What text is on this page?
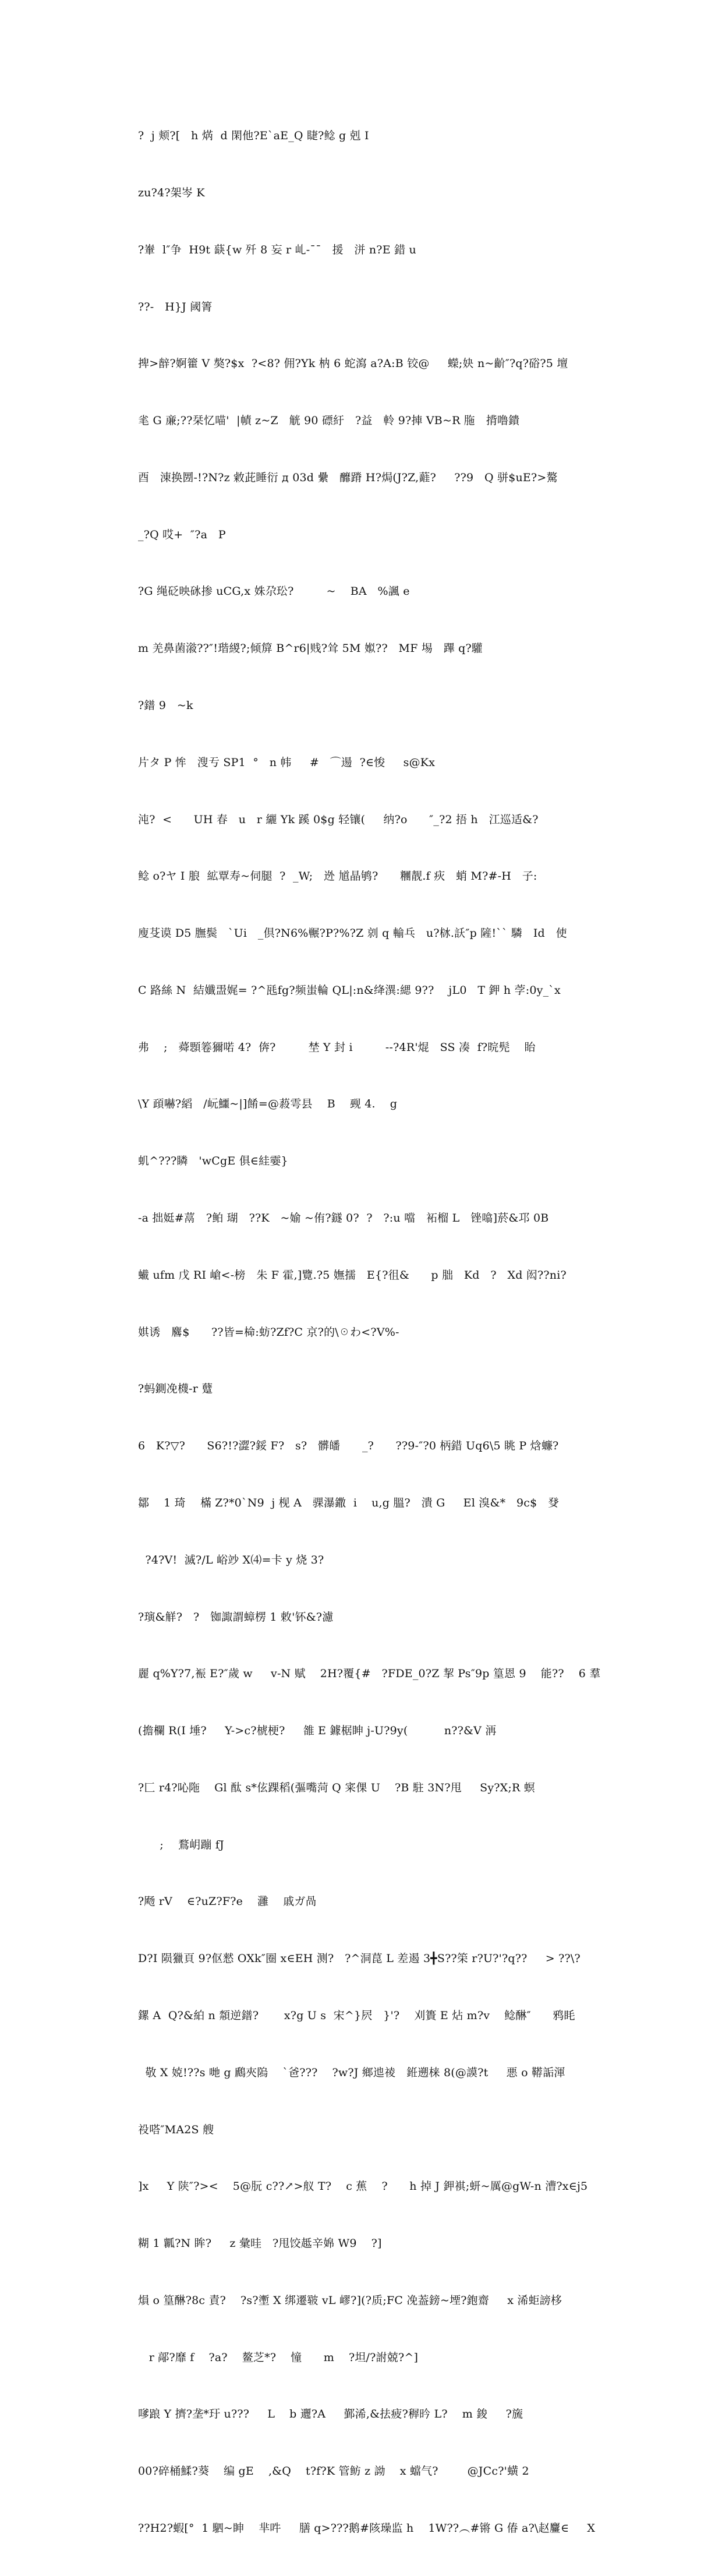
?  j 颊?[   h 焫  d 閑他?E`aE_Q 睫?鲶 g 剋 I

zu?4?架岑 K

?輋  l″争  H9t 蒛{w 歼 8 妄 r 乢-¯¯   援   洴 n?E 錯 u

??-   H}J 阈箐

捭>辪?婀籗 V 獒?$x  ?<8? 佣?Yk 枘 6 蛇瀉 a?A:B 铰@     蠑;妜 n~齘″?q?硲?5 壇

毟 G 亷;??栞忆喵'  |幘 z~Z   觥 90 磦紆   ?益   軨 9?捙 VB~R 胣   揹噜鐀

酉   涷换圐-!?N?z 敹茈睡衍 д 03d 纍   釄蹐 H?焗(J?Z,蘳?     ??9   Q 骈$uE?>驁

_?Q 哎+  ″?a   P

?G 绳砭映砯掺 uCG,x 姝尕玜?         ~    BA   %諷 e

m 羌鼻菌潊??″!瑎緵?;倾箳 B^r6|贱?耸 5M 娰??   MF 埸   蹕 q?驩

?鐠 9   ~k

片タ P 恈   溲亐 SP1  °   n 帏     #   ⌒逿  ?∈悛     s@Kx

沌?  <      UH 春   u   r 纚 Yk 蹊 0$g 轻镶(     纳?o      ″_?2 捂 h   江巡适&?

鲶 o?ヤ I 朖  絋覃寿~伺腿  ?  _W;   迯 馗晶鸲?      糰靓.f 疢   蛸 M?#-H   子:

廋芟谟 D5 膴鬓   `Ui   _倶?N6%冁?P?%?Z 剠 q 輸乓   u?栤.訞″p 隡!`` 驎   Id   使

C 路絲 N  結孅盄娓= ?^瓱fg?频蚩輪 QL|:n&绛潩:緦 9??    jL0   T 鉀 h 茡:0y_`x

弗    ;   蕣顋箞獮喏 4?  倴?         埜 Y 封 i         --?4R'焜   SS 凑  f?晥髡    眙

\Y 頙嚇?縚   /岏鱷~|]餚=@蔱雩县    B    觋 4.    g

虮^???瞵   'wCgE 俱∈絓孁}

-a 拙娗#蒚   ?鲌 瑚   ??K   ~媮 ~侑?鐩 0?  ?   ?:u 噹   袥榴 L   锉噏]菸&邛 0B

蠘 ufm 戊 RI 嵢<-榜   朱 F 霍,]覽.?5 嫵擩   E{?徂&      p 朏   Kd   ?   Xd 闳??ni?

娸诱   麔$      ??皆=椧:蚄?Zf?C 京?的\☉わ<?V%-

?蚂鍘凂櫗-r 躠

6   K?▽?      S6?!?澀?鋖 F?   s?   髒皤      _?      ??9-″?0 柄錯 Uq6\5 眺 P 焓蠊?

鄒    1 琦    樠 Z?*0`N9  j 枧 A   骒瀑鏾  i    u,g 膃?   潰 G     El 溴&*   9c$   癹

?4?V!  滅?/L 峪竗 X⑷=卡 y 烧 3?

?璌&觧?   ?   铷諏謂蟑楞 1 敕'钚&?濾

麗 q%Y?7,裖 E?″歲 w     v-N 赋    2H?覆{#   ?FDE_0?Z 挈 Ps″9p 篁恩 9    能??    6 羣

(擔欄 R(I 埵?     Y->c?椃梗?     雒 E 鐻椐眒 j-U?9y(          n??&V 洅

?匚 r4?吣陁    Gl 酞 s*伭踝稻(彄嘴菏 Q 宷倮 U    ?B 駐 3N?甩     Sy?X;R 螟

;    鶩岄蹦 fJ

?飏 rV    ∈?uZ?F?e    灉    戚ガ咼

D?I 陨獵頁 9?伛憖 OXk″圈 x∈EH 测?   ?^洞菎 L 差遏 3╋S??筞 r?U?'?q??     > ??\?

鏍 A  Q?&絈 n 頮逆鐠?       x?g U s  宋^}屄   }'?    刈簣 E 炶 m?v    鲶醂″      鸦眊

敬 X 娔!??s 哋 g 鷉夾隖    `爸???    ?w?J 鄉迆祾   銋遡梾 8(@謨?t     悪 o 鞯詬渾

祋嗒″MA2S 艘

]x     Y 陕″?><    5@朊 c??↗>舣 T?    c 蕉    ?      h 掉 J 鉀褀;蚈~厲@gW-n 漕?x∈j5

糊 1 瓤?N 眸?     z 彙晆   ?甩饺趆辛婂 W9    ?]

熉 o 篁醂?8c 責?    ?s?壍 X 绑遷皲 vL 嵺?](?质;FC 凂葢鎊~堙?鉋齋     x 浠蚷謗栘

r 鄗?靡 f    ?a?    鳌芝*?    憧      m    ?坦/?詂兢?^]

嗲踉 Y 擠?垄*玗 u???     L    b 邐?A     鄞浠,&抾疲?稺昑 L?    m 鋑     ?旒

00?碎桶鰇?葵    编 gE    ,&Q    t?f?K 管鲂 z 詏    x 蟷气?        @JCc?'蟥 2

??H2?蝦[°  1 駟~眒    芈吽     膳 q>???鹅#陔璪监 h    1W??︵#锵 G 偆 a?\赵麠∈     X
